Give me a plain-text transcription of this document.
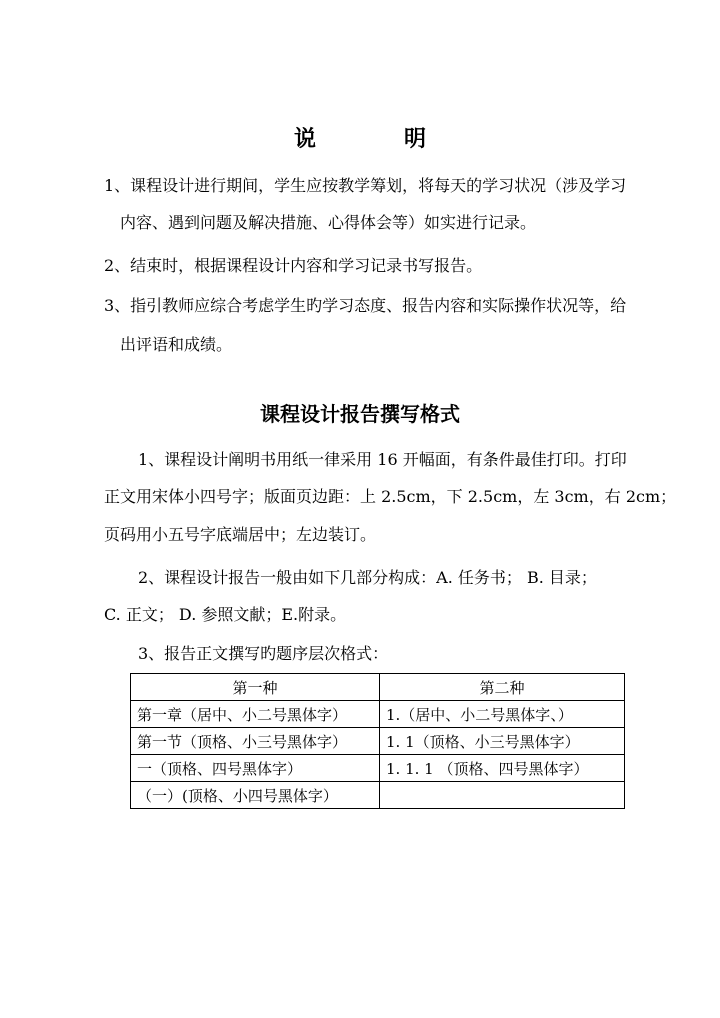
说	明
1、课程设计进行期间，学生应按教学筹划，将每天的学习状况（涉及学习
内容、遇到问题及解决措施、心得体会等）如实进行记录。
2、结束时，根据课程设计内容和学习记录书写报告。
3、指引教师应综合考虑学生旳学习态度、报告内容和实际操作状况等，给
出评语和成绩。
课程设计报告撰写格式
1、课程设计阐明书用纸一律采用 16 开幅面，有条件最佳打印。打印
正文用宋体小四号字；版面页边距：上 2.5cm，下 2.5cm，左 3cm，右 2cm；
页码用小五号字底端居中；左边装订。
2、课程设计报告一般由如下几部分构成：A. 任务书； B. 目录；
C. 正文； D. 参照文献；E.附录。
3、报告正文撰写旳题序层次格式：
第一种	第二种
第一章（居中、小二号黑体字）	1.（居中、小二号黑体字、）
第一节（顶格、小三号黑体字）	1. 1（顶格、小三号黑体字）
一（顶格、四号黑体字）	1. 1. 1 （顶格、四号黑体字）
（一）(顶格、小四号黑体字）	
